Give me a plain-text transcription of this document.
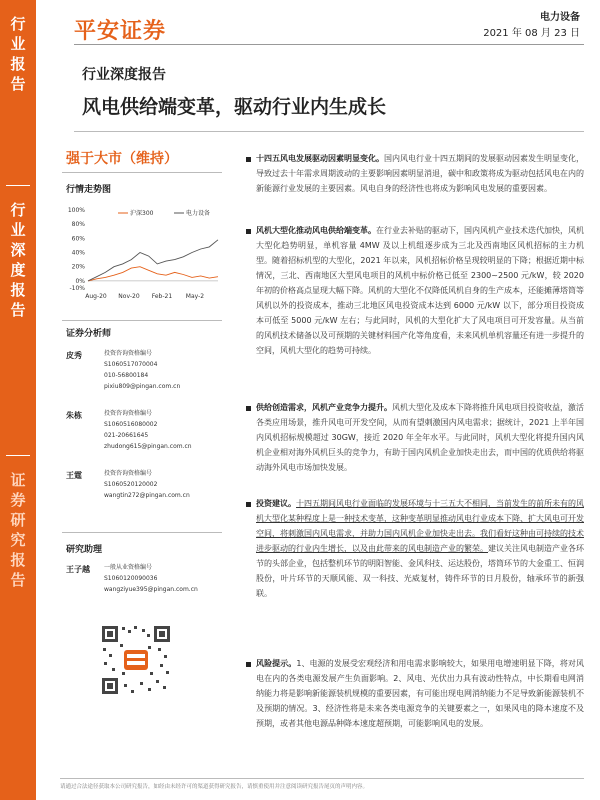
行
业
报
告
行
业
深
度
报
告
证
券
研
究
报
告
平安证券
电力设备
2021 年 08 月 23 日
行业深度报告
风电供给端变革，驱动行业内生成长
强于大市（维持）
行情走势图
100%
80%
60%
40%
20%
0%
-10%
Aug-20 Nov-20 Feb-21 May-2
沪深300	电力设备
证券分析师
皮秀	投资咨询资格编号
S1060517070004
010-56800184
pixiu809@pingan.com.cn
朱栋	投资咨询资格编号
S1060516080002
021-20661645
zhudong615@pingan.com.cn
王霆	投资咨询资格编号
S1060520120002
wangtin272@pingan.com.cn
研究助理
王子越 一般从业资格编号
S1060120090036
wangziyue395@pingan.com.cn
十四五风电发展驱动因素明显变化。国内风电行业十四五期间的发展驱动因素发生明显变化，导致过去十年需求周期波动的主要影响因素明显消退，碳中和政策将成为驱动包括风电在内的新能源行业发展的主要因素。风电自身的经济性也将成为影响风电发展的重要因素。
风机大型化推动风电供给端变革。在行业去补贴的驱动下，国内风机产业技术迭代加快，风机大型化趋势明显，单机容量 4MW 及以上机组逐步成为三北及西南地区风机招标的主力机型。随着招标机型的大型化，2021 年以来，风机招标价格呈现较明显的下降；根据近期中标情况，三北、西南地区大型风电项目的风机中标价格已低至 2300~2500 元/kW，较 2020 年初的价格高点显现大幅下降。风机的大型化不仅降低风机自身的生产成本，还能摊薄塔筒等风机以外的投资成本，推动三北地区风电投资成本达到 6000 元/kW 以下，部分项目投资成本可低至 5000 元/kW 左右；与此同时，风机的大型化扩大了风电项目可开发容量。从当前的风机技术储备以及可预期的关键材料国产化等角度看，未来风机单机容量还有进一步提升的空间，风机大型化的趋势可持续。
供给创造需求，风机产业竞争力提升。风机大型化及成本下降将推升风电项目投资收益，激活各类应用场景，推升风电可开发空间，从而有望刺激国内风电需求；据统计，2021 上半年国内风机招标规模超过 30GW，接近 2020 年全年水平。与此同时，风机大型化将提升国内风机企业相对海外风机巨头的竞争力，有助于国内风机企业加快走出去，而中国的优质供给将驱动海外风电市场加快发展。
投资建议。十四五期间风电行业面临的发展环境与十三五大不相同，当前发生的前所未有的风机大型化某种程度上是一种技术变革，这种变革明显推动风电行业成本下降、扩大风电可开发空间，将刺激国内风电需求，并助力国内风机企业加快走出去。我们看好这种由可持续的技术进步驱动的行业内生增长，以及由此带来的风电制造产业的繁荣。建议关注风电制造产业各环节的头部企业，包括整机环节的明阳智能、金风科技、运达股份，塔筒环节的大金重工、恒润股份，叶片环节的天顺风能、双一科技、光威复材，铸件环节的日月股份，轴承环节的新强联。
风险提示。1、电源的发展受宏观经济和用电需求影响较大，如果用电增速明显下降，将对风电在内的各类电源发展产生负面影响。2、风电、光伏出力具有波动性特点，中长期看电网消纳能力将是影响新能源装机规模的重要因素，有可能出现电网消纳能力不足导致新能源装机不及预期的情况。3、经济性将是未来各类电源竞争的关键要素之一，如果风电的降本速度不及预期，或者其他电源品种降本速度超预期，可能影响风电的发展。
请通过合法途径获取本公司研究报告，如经由未经许可的渠道获得研究报告，请慎重使用并注意阅读研究报告尾页的声明内容。
